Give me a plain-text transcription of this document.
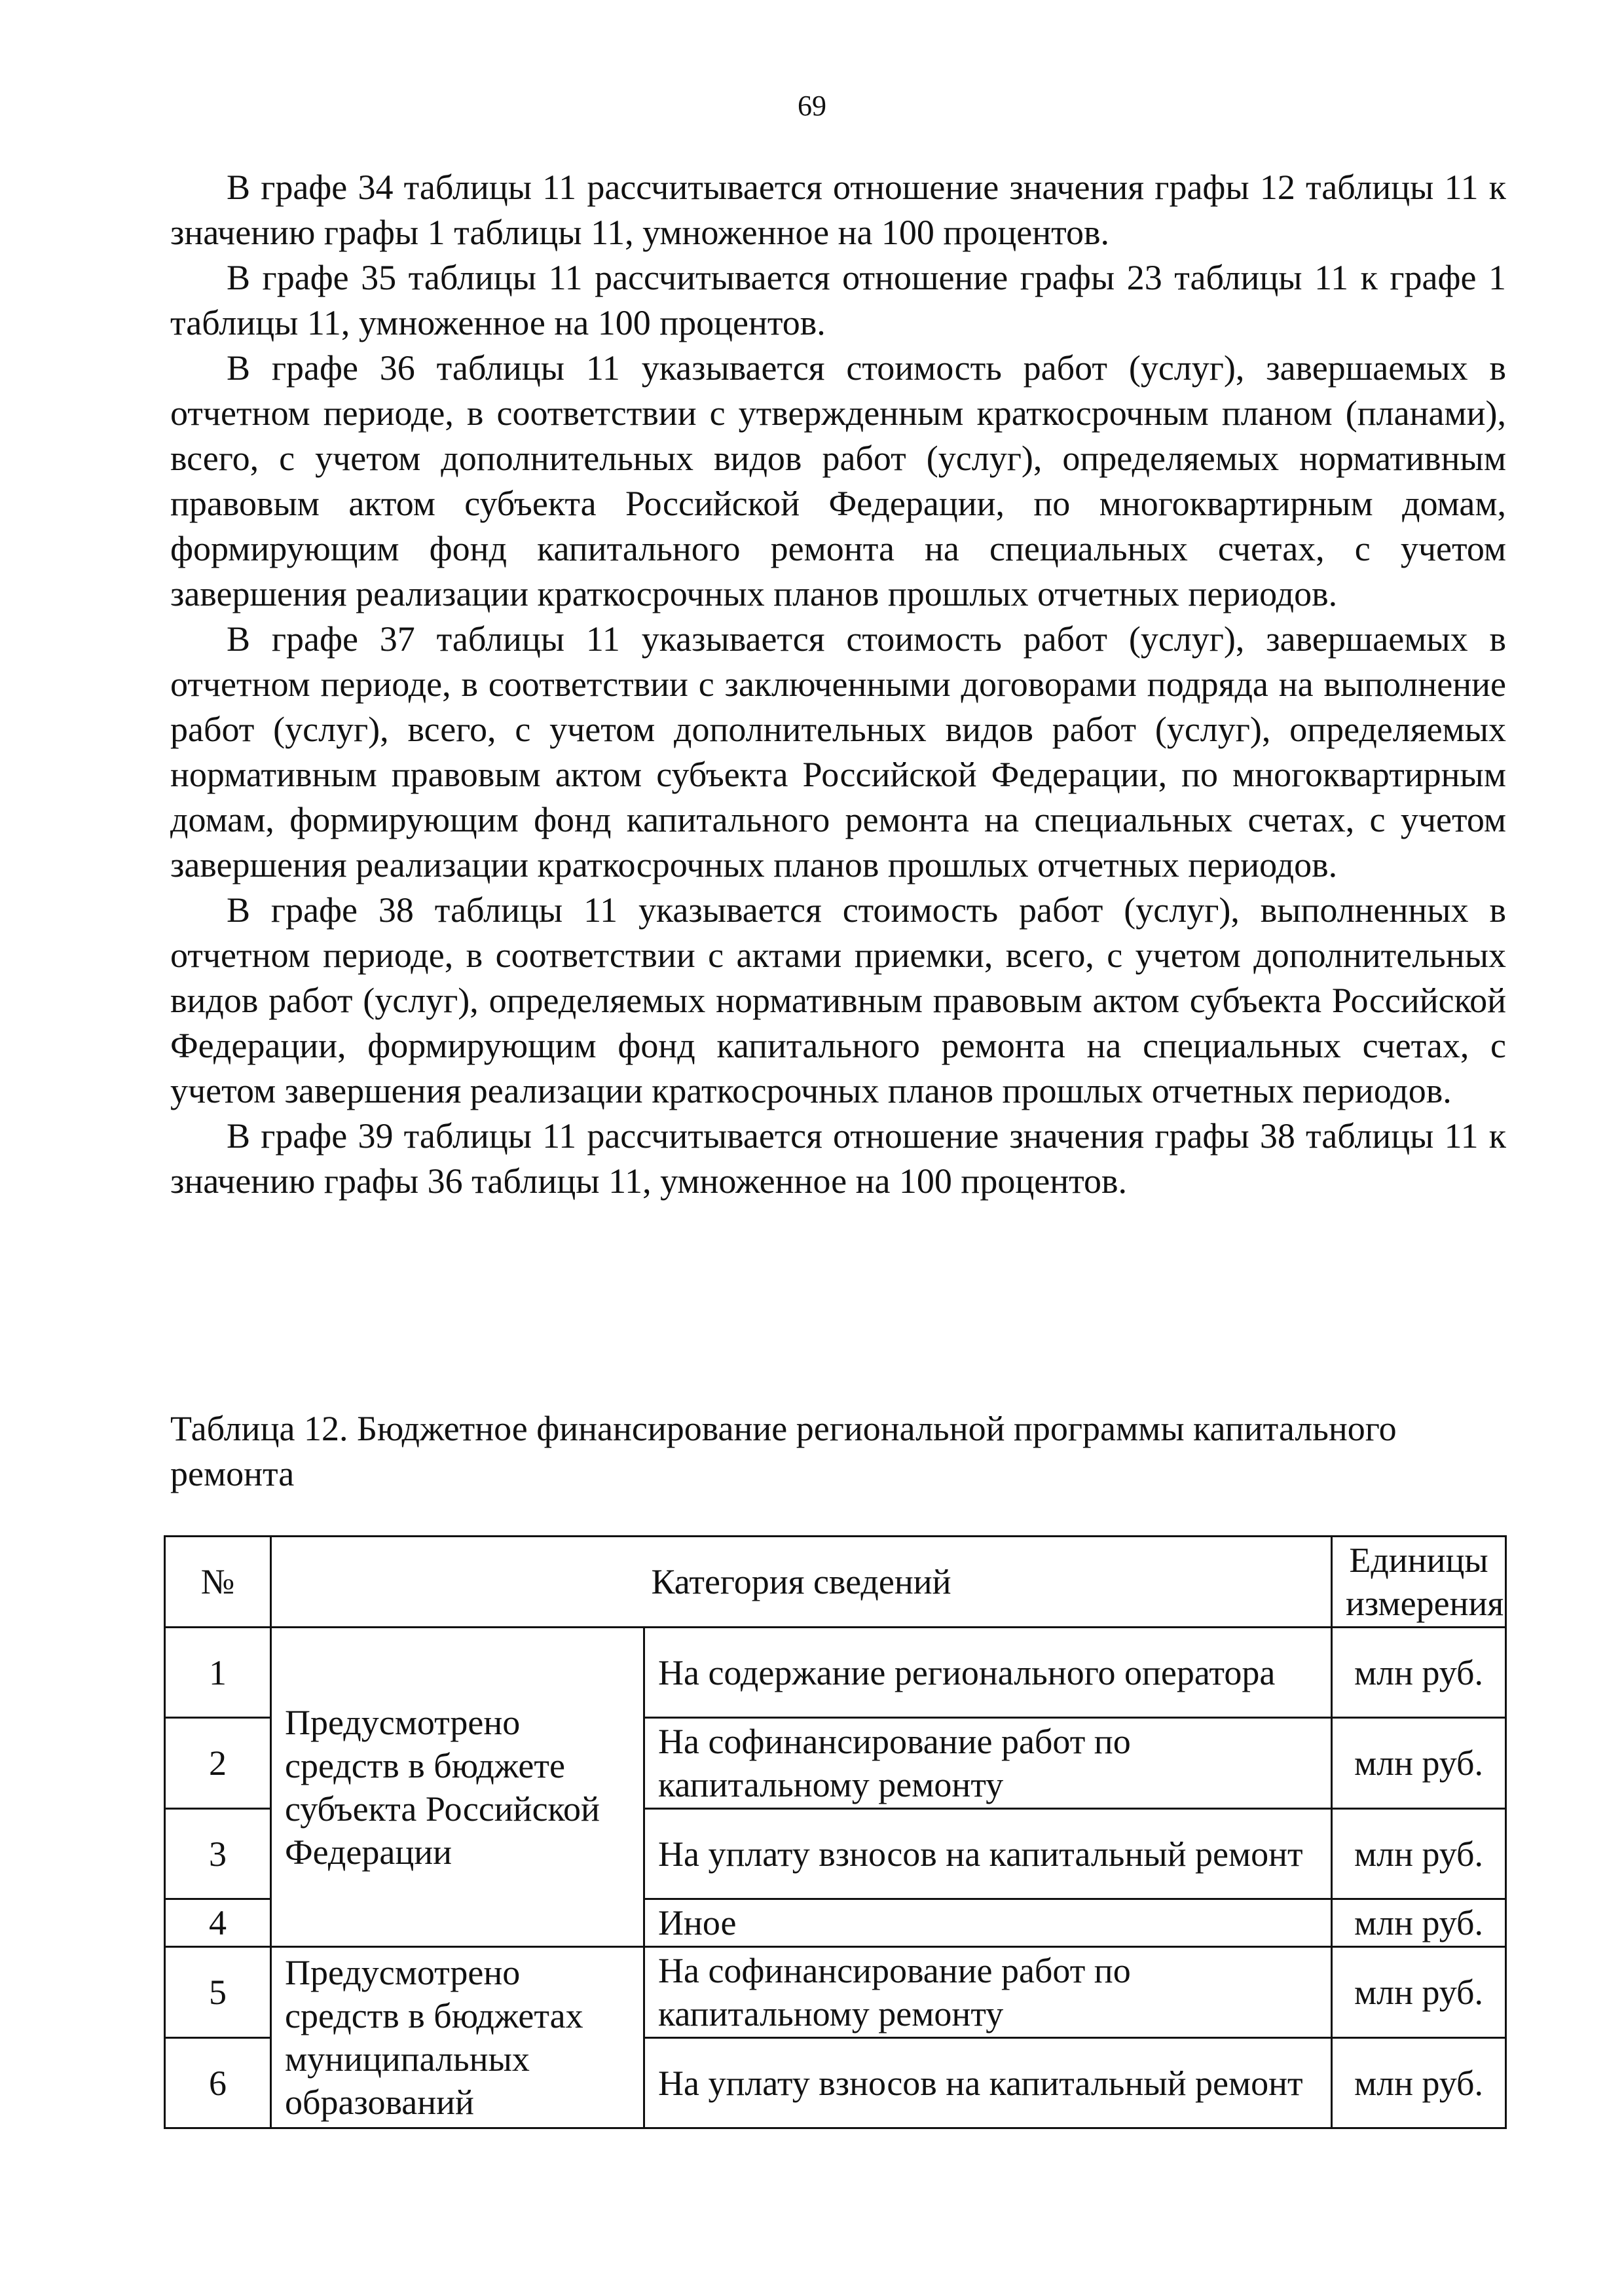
69

В графе 34 таблицы 11 рассчитывается отношение значения графы 12 таблицы 11 к значению графы 1 таблицы 11, умноженное на 100 процентов.

В графе 35 таблицы 11 рассчитывается отношение графы 23 таблицы 11 к графе 1 таблицы 11, умноженное на 100 процентов.

В графе 36 таблицы 11 указывается стоимость работ (услуг), завершаемых в отчетном периоде, в соответствии с утвержденным краткосрочным планом (планами), всего, с учетом дополнительных видов работ (услуг), определяемых нормативным правовым актом субъекта Российской Федерации, по многоквартирным домам, формирующим фонд капитального ремонта на специальных счетах, с учетом завершения реализации краткосрочных планов прошлых отчетных периодов.

В графе 37 таблицы 11 указывается стоимость работ (услуг), завершаемых в отчетном периоде, в соответствии с заключенными договорами подряда на выполнение работ (услуг), всего, с учетом дополнительных видов работ (услуг), определяемых нормативным правовым актом субъекта Российской Федерации, по многоквартирным домам, формирующим фонд капитального ремонта на специальных счетах, с учетом завершения реализации краткосрочных планов прошлых отчетных периодов.

В графе 38 таблицы 11 указывается стоимость работ (услуг), выполненных в отчетном периоде, в соответствии с актами приемки, всего, с учетом дополнительных видов работ (услуг), определяемых нормативным правовым актом субъекта Российской Федерации, формирующим фонд капитального ремонта на специальных счетах, с учетом завершения реализации краткосрочных планов прошлых отчетных периодов.

В графе 39 таблицы 11 рассчитывается отношение значения графы 38 таблицы 11 к значению графы 36 таблицы 11, умноженное на 100 процентов.

Таблица 12. Бюджетное финансирование региональной программы капитального ремонта

№	Категория сведений		Единицы измерения
1	Предусмотрено средств в бюджете субъекта Российской Федерации	На содержание регионального оператора	млн руб.
2		На софинансирование работ по капитальному ремонту	млн руб.
3		На уплату взносов на капитальный ремонт	млн руб.
4		Иное	млн руб.
5	Предусмотрено средств в бюджетах муниципальных образований	На софинансирование работ по капитальному ремонту	млн руб.
6		На уплату взносов на капитальный ремонт	млн руб.
